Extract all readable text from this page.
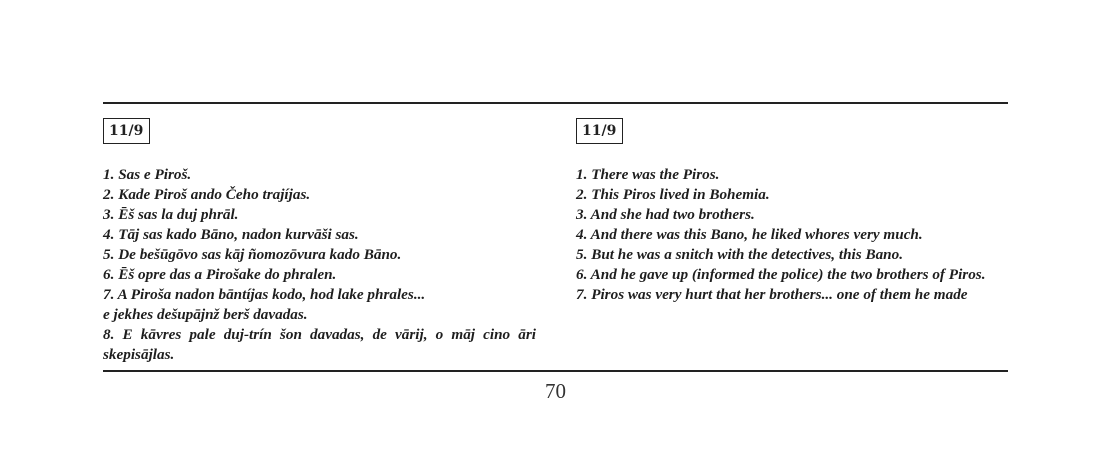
11/9
1. Sas e Piroš.
2. Kade Piroš ando Čeho trajíjas.
3. Ēš sas la duj phrāl.
4. Tāj sas kado Bāno, nadon kurvāši sas.
5. De bešūgōvo sas kāj ñomozōvura kado Bāno.
6. Ēš opre das a Pirošake do phralen.
7. A Piroša nadon bāntíjas kodo, hod lake phrales...
e jekhes dešupājnž berš davadas.
8. E kāvres pale duj-trín šon davadas, de vārij, o māj cino āri skepisājlas.
11/9
1. There was the Piros.
2. This Piros lived in Bohemia.
3. And she had two brothers.
4. And there was this Bano, he liked whores very much.
5. But he was a snitch with the detectives, this Bano.
6. And he gave up (informed the police) the two brothers of Piros.
7. Piros was very hurt that her brothers... one of them he made
70
